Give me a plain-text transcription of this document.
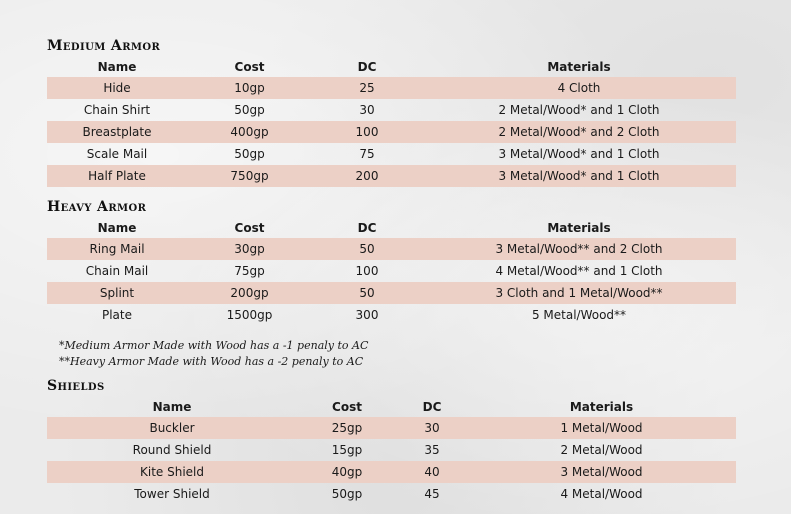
Medium Armor
Name	Cost	DC	Materials
Hide	10gp	25	4 Cloth
Chain Shirt	50gp	30	2 Metal/Wood* and 1 Cloth
Breastplate	400gp	100	2 Metal/Wood* and 2 Cloth
Scale Mail	50gp	75	3 Metal/Wood* and 1 Cloth
Half Plate	750gp	200	3 Metal/Wood* and 1 Cloth
Heavy Armor
Name	Cost	DC	Materials
Ring Mail	30gp	50	3 Metal/Wood** and 2 Cloth
Chain Mail	75gp	100	4 Metal/Wood** and 1 Cloth
Splint	200gp	50	3 Cloth and 1 Metal/Wood**
Plate	1500gp	300	5 Metal/Wood**
*Medium Armor Made with Wood has a -1 penaly to AC
**Heavy Armor Made with Wood has a -2 penaly to AC
Shields
Name	Cost	DC	Materials
Buckler	25gp	30	1 Metal/Wood
Round Shield	15gp	35	2 Metal/Wood
Kite Shield	40gp	40	3 Metal/Wood
Tower Shield	50gp	45	4 Metal/Wood
